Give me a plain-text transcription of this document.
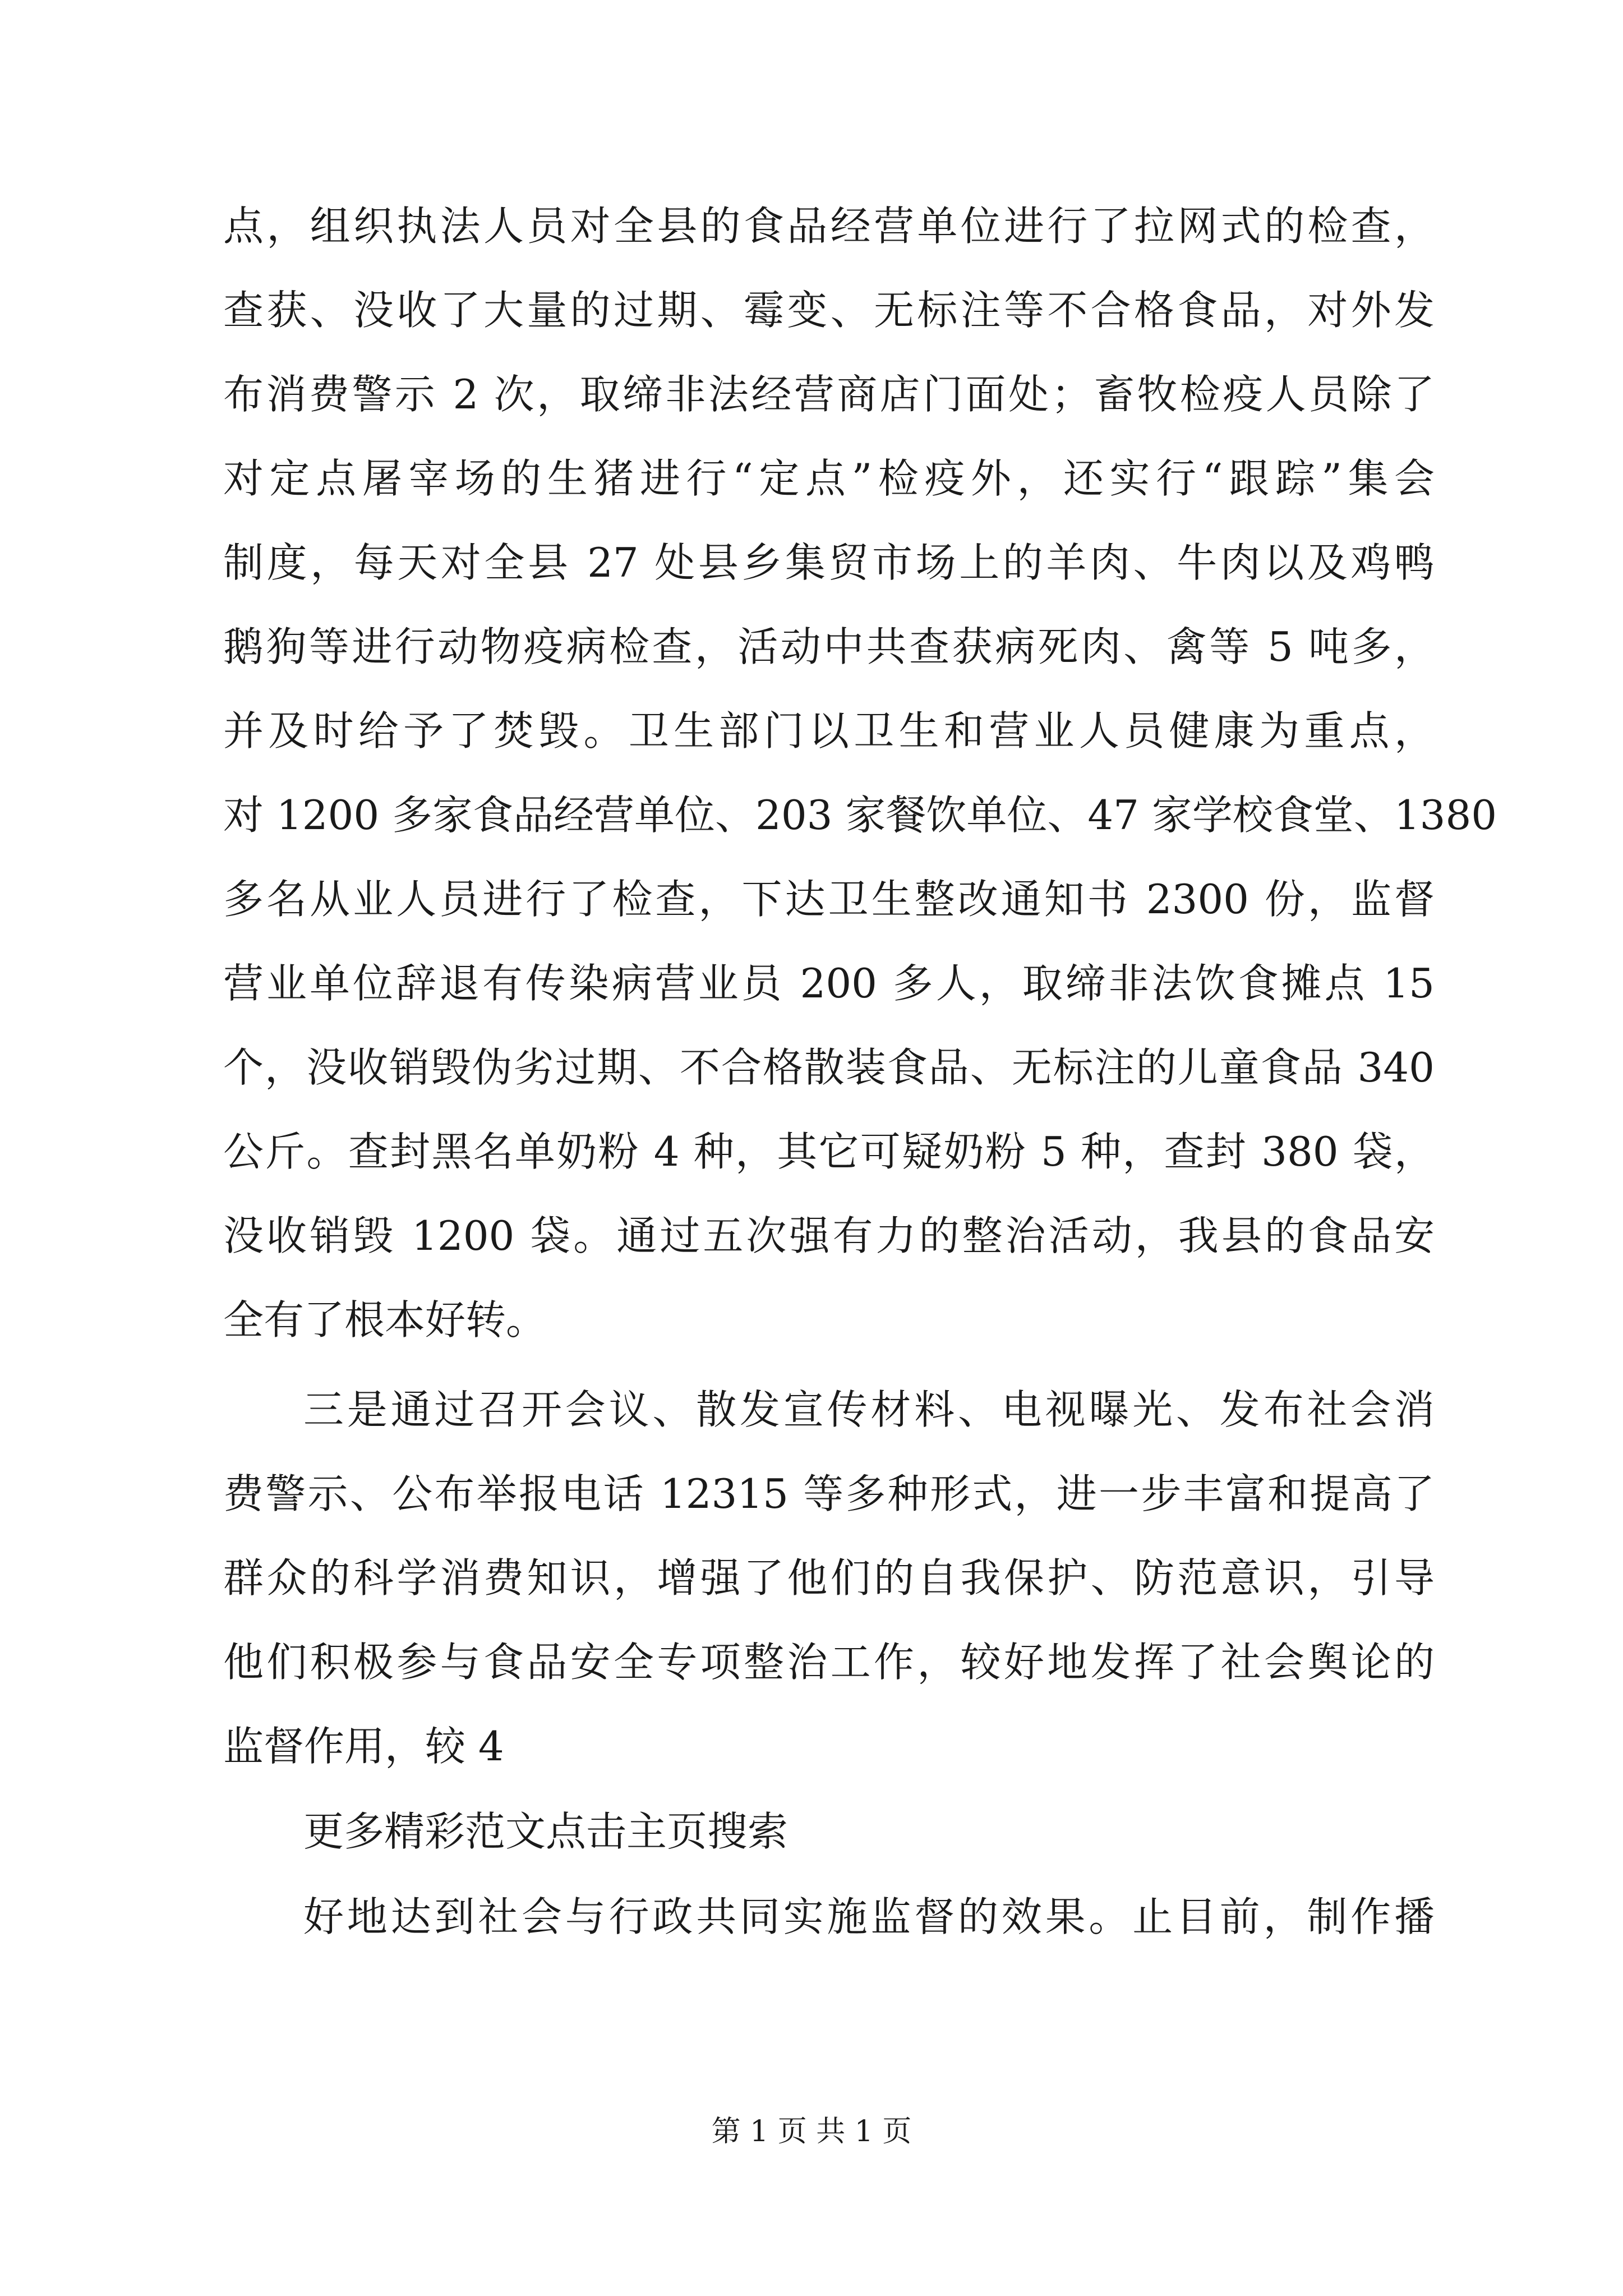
点，组织执法人员对全县的食品经营单位进行了拉网式的检查，
查获、没收了大量的过期、霉变、无标注等不合格食品，对外发
布消费警示 2 次，取缔非法经营商店门面处；畜牧检疫人员除了
对定点屠宰场的生猪进行“定点”检疫外，还实行“跟踪”集会
制度，每天对全县 27 处县乡集贸市场上的羊肉、牛肉以及鸡鸭
鹅狗等进行动物疫病检查，活动中共查获病死肉、禽等 5 吨多，
并及时给予了焚毁。卫生部门以卫生和营业人员健康为重点，
对 1200 多家食品经营单位、203 家餐饮单位、47 家学校食堂、1380
多名从业人员进行了检查，下达卫生整改通知书 2300 份，监督
营业单位辞退有传染病营业员 200 多人，取缔非法饮食摊点 15
个，没收销毁伪劣过期、不合格散装食品、无标注的儿童食品 340
公斤。查封黑名单奶粉 4 种，其它可疑奶粉 5 种，查封 380 袋，
没收销毁 1200 袋。通过五次强有力的整治活动，我县的食品安
全有了根本好转。
三是通过召开会议、散发宣传材料、电视曝光、发布社会消
费警示、公布举报电话 12315 等多种形式，进一步丰富和提高了
群众的科学消费知识，增强了他们的自我保护、防范意识，引导
他们积极参与食品安全专项整治工作，较好地发挥了社会舆论的
监督作用，较 4
更多精彩范文点击主页搜索
好地达到社会与行政共同实施监督的效果。止目前，制作播
第 1 页 共 1 页
